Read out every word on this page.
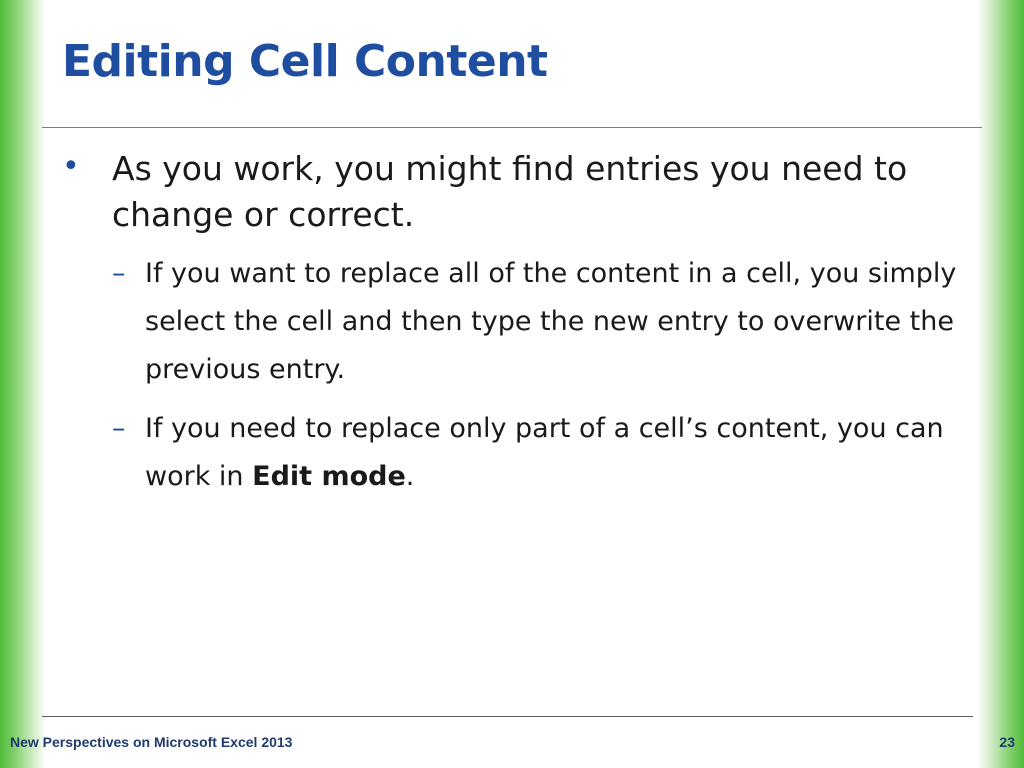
Editing Cell Content
• As you work, you might find entries you need to change or correct.
– If you want to replace all of the content in a cell, you simply select the cell and then type the new entry to overwrite the previous entry.
– If you need to replace only part of a cell’s content, you can work in Edit mode.
New Perspectives on Microsoft Excel 2013	23
